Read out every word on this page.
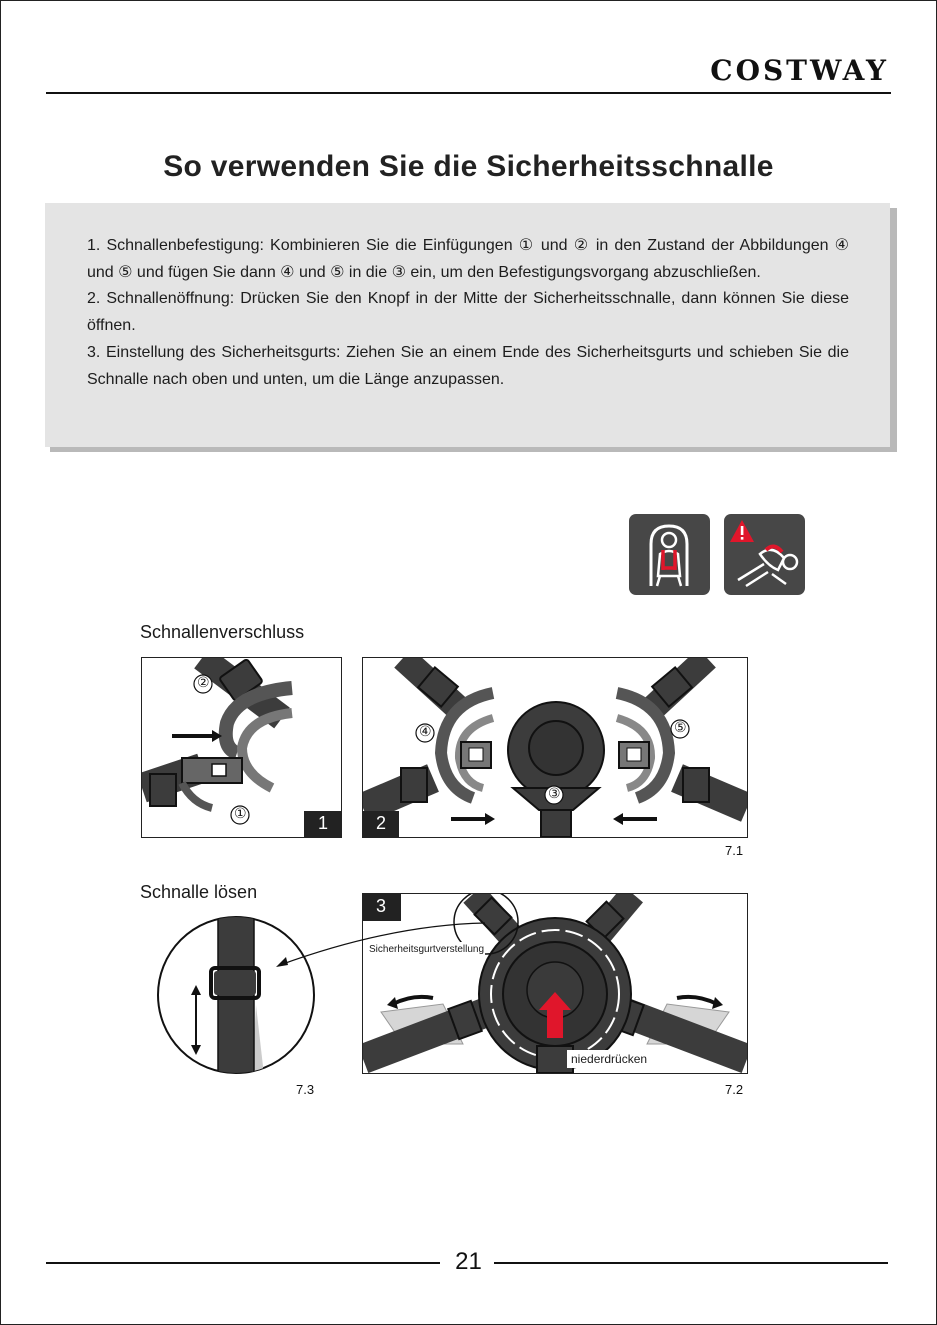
COSTWAY
So verwenden Sie die Sicherheitsschnalle

1. Schnallenbefestigung: Kombinieren Sie die Einfügungen ① und ② in den Zustand der Abbildungen ④ und ⑤ und fügen Sie dann ④ und ⑤ in die ③ ein, um den Befestigungsvorgang abzuschließen.

2. Schnallenöffnung: Drücken Sie den Knopf in der Mitte der Sicherheitsschnalle, dann können Sie diese öffnen.

3. Einstellung des Sicherheitsgurts: Ziehen Sie an einem Ende des Sicherheitsgurts und schieben Sie die Schnalle nach oben und unten, um die Länge anzupassen.

Schnallenverschluss
②
①	1
④	⑤
③
2
7.1
Schnalle lösen
7.3
3
Sicherheitsgurtverstellung
niederdrücken
7.2
21
